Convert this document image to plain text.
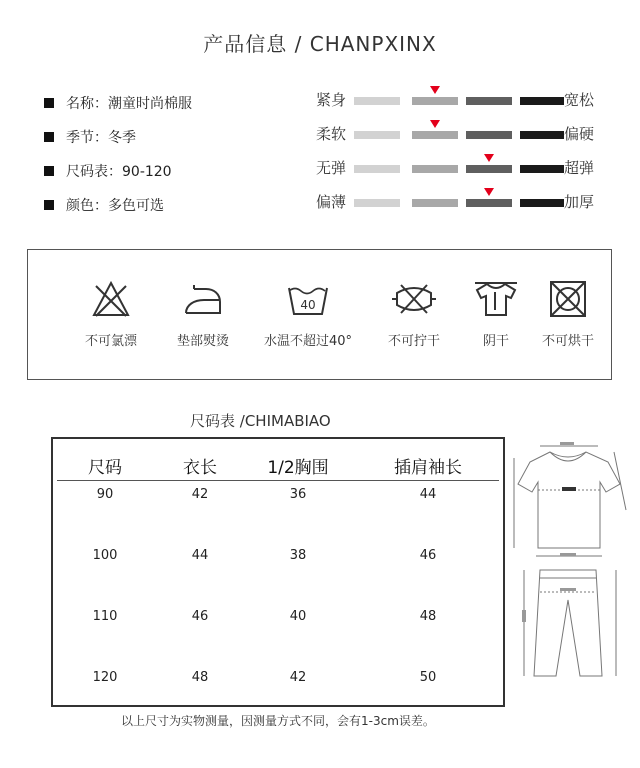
产品信息 / CHANPXINX
名称：潮童时尚棉服
季节：冬季
尺码表：90-120
颜色：多色可选
紧身	宽松
柔软	偏硬
无弹	超弹
偏薄	加厚
不可氯漂	垫部熨烫
40
水温不超过40°	不可拧干	阴干	不可烘干
尺码表 /CHIMABIAO
尺码	衣长	1/2胸围	插肩袖长
90	42	36	44
100	44	38	46
110	46	40	48
120	48	42	50
以上尺寸为实物测量，因测量方式不同，会有1-3cm误差。
